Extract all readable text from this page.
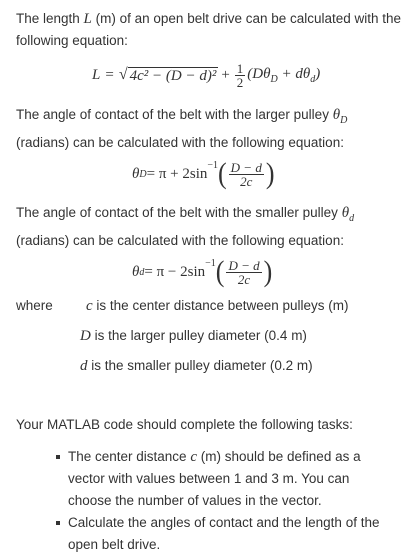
The length L (m) of an open belt drive can be calculated with the following equation:
L = √ $4c^2 - (D - d)^2 + \frac{1}{2} (D\theta_D + d\theta_d)$
The angle of contact of the belt with the larger pulley $\theta_D$
(radians) can be calculated with the following equation:
θ $D = \pi + 2\sin^{-1}$ ( $\frac{D - d}{2c}$ )
The angle of contact of the belt with the smaller pulley $\theta_d$
(radians) can be calculated with the following equation:
θ $d = \pi - 2\sin^{-1}$ ( $\frac{D - d}{2c}$ )
where c is the center distance between pulleys (m)
D is the larger pulley diameter (0.4 m)
d is the smaller pulley diameter (0.2 m)
Your MATLAB code should complete the following tasks:
The center distance c (m) should be defined as a vector with values between 1 and 3 m. You can choose the number of values in the vector.
Calculate the angles of contact and the length of the open belt drive.
